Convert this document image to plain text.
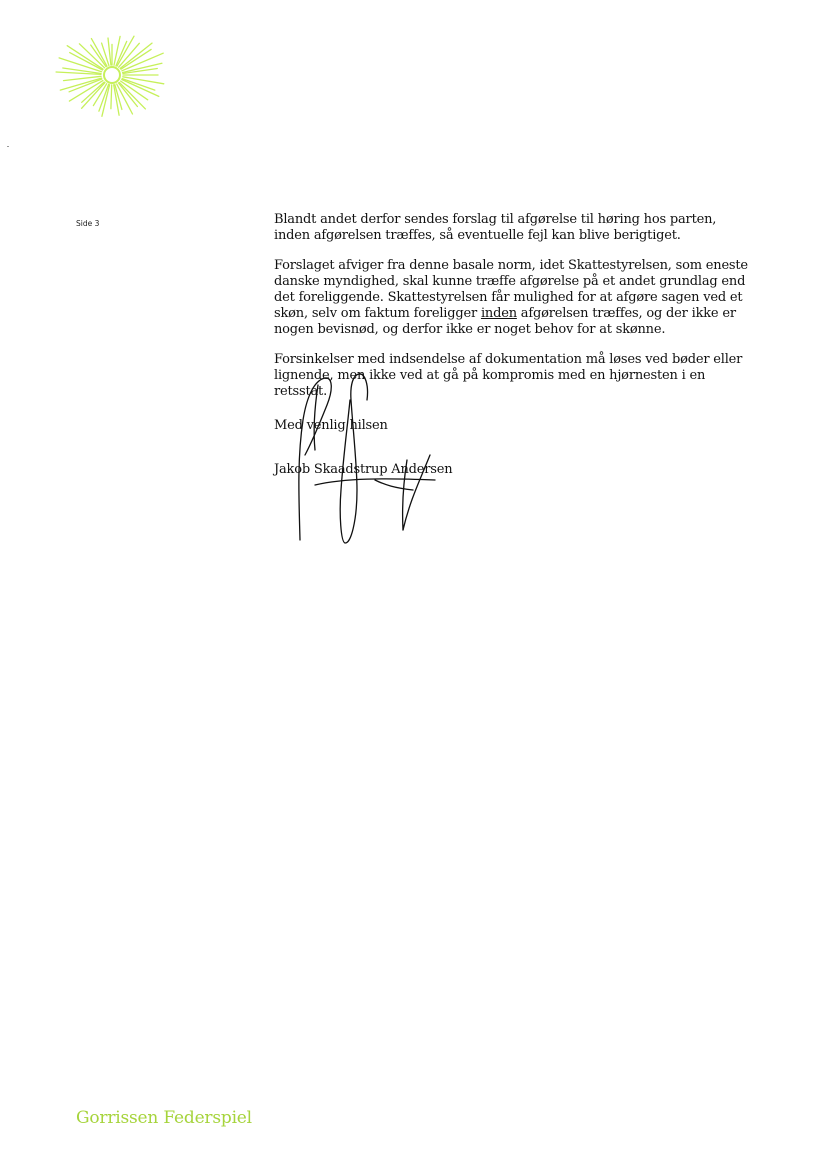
Side 3	Blandt andet derfor sendes forslag til afgørelse til høring hos parten, inden afgørelsen træffes, så eventuelle fejl kan blive berigtiget.

Forslaget afviger fra denne basale norm, idet Skattestyrelsen, som eneste danske myndighed, skal kunne træffe afgørelse på et andet grundlag end det foreliggende. Skattestyrelsen får mulighed for at afgøre sagen ved et skøn, selv om faktum foreligger inden afgørelsen træffes, og der ikke er nogen bevisnød, og derfor ikke er noget behov for at skønne.

Forsinkelser med indsendelse af dokumentation må løses ved bøder eller lignende, men ikke ved at gå på kompromis med en hjørnesten i en retsstat.

Med venlig hilsen

Jakob Skaadstrup Andersen

Gorrissen Federspiel
